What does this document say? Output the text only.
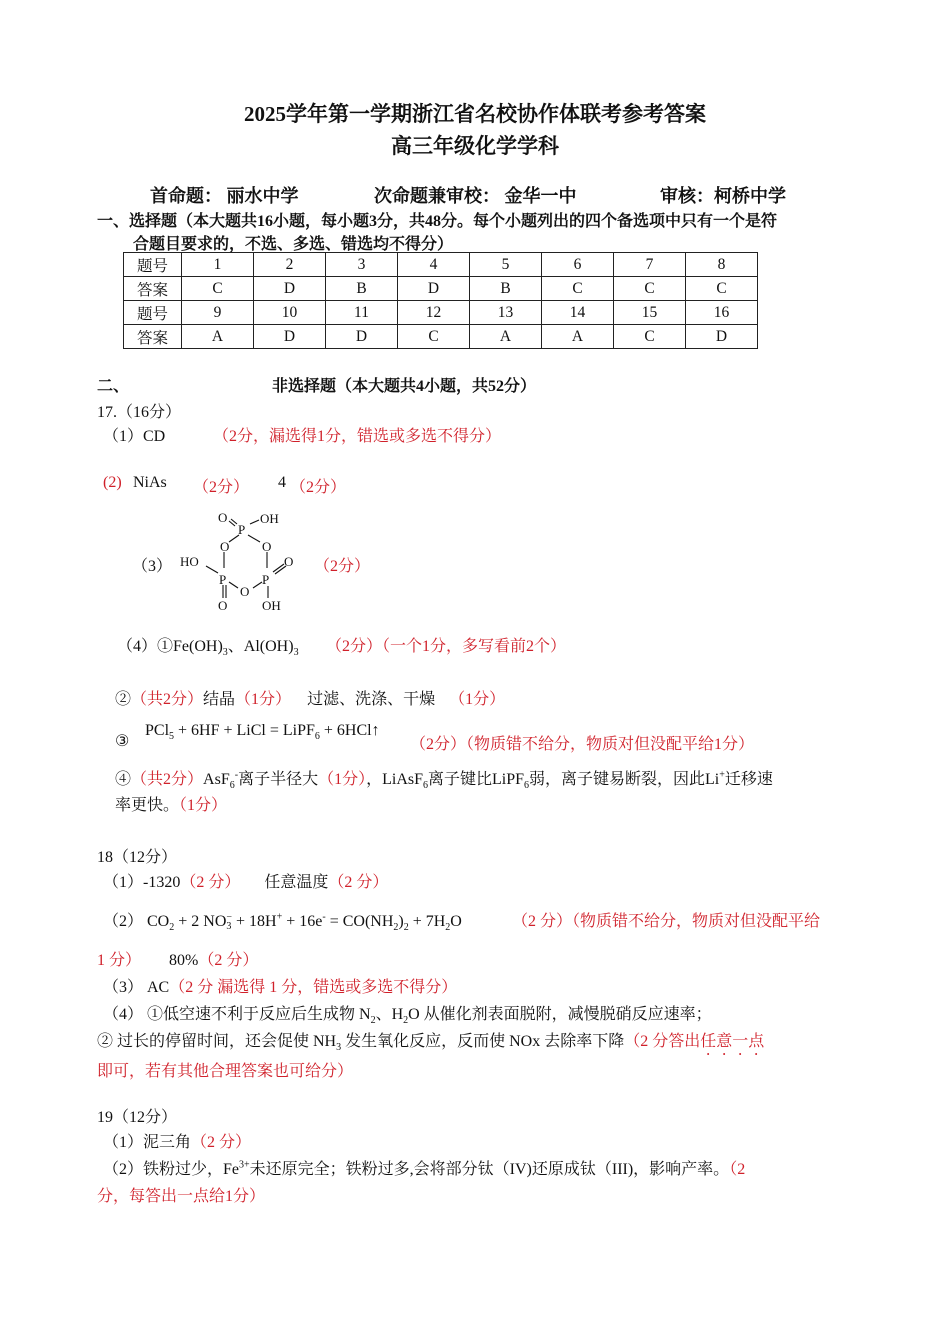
2025学年第一学期浙江省名校协作体联考参考答案
高三年级化学学科
首命题： 丽水中学	次命题兼审校： 金华一中	审核：柯桥中学
一、选择题（本大题共16小题，每小题3分，共48分。每个小题列出的四个备选项中只有一个是符
合题目要求的，不选、多选、错选均不得分）
题号	1	2	3	4	5	6	7	8
答案	C	D	B	D	B	C	C	C
题号	9	10	11	12	13	14	15	16
答案	A	D	D	C	A	A	C	D
二、	非选择题（本大题共4小题，共52分）
17.（16分）
（1）CD	（2分，漏选得1分，错选或多选不得分）
(2) NiAs （2分） 4 （2分）
（3）
O
P
OH
O	O
HO
P	P
O
O
O	OH
（2分）
$(4)①Fe(OH)_3$、$Al(OH)_3$ （2分）（一个1分，多写看前2个）
②（共2分）结晶（1分） 过滤、洗涤、干燥 （1分）
③
PCl$_5$ + 6HF + LiCl = LiPF$_6$ + 6HCl↑
（2分）（物质错不给分，物质对但没配平给1分）
④（共2分）AsF$_6$-离子半径大（1分），LiAsF$_6$离子键比LiPF$_6$弱，离子键易断裂，因此Li+迁移速
率更快。（1分）
18（12分）
（1）-1320（2 分） 任意温度（2 分）
（2） $CO_2 + 2$ NO −
$3 + 18H^+ + 16e^- = CO(NH_2)_2 + 7H_2O$	（2 分）（物质错不给分，物质对但没配平给
1 分） 80%（2 分）
（3） AC（2 分 漏选得 1 分，错选或多选不得分）
（4） ①低空速不利于反应后生成物 $N_2$、$H_2O$ 从催化剂表面脱附，减慢脱硝反应速率；
② 过长的停留时间，还会促使 $NH_3$ 发生氧化反应，反而使 NOx 去除率下降（2 分答出任意一点
即可，若有其他合理答案也可给分）
19（12分）
（1）泥三角（2 分）
（2）铁粉过少，$Fe^{3+}$未还原完全；铁粉过多,会将部分钛（IV)还原成钛（III)，影响产率。（2
分，每答出一点给1分）
